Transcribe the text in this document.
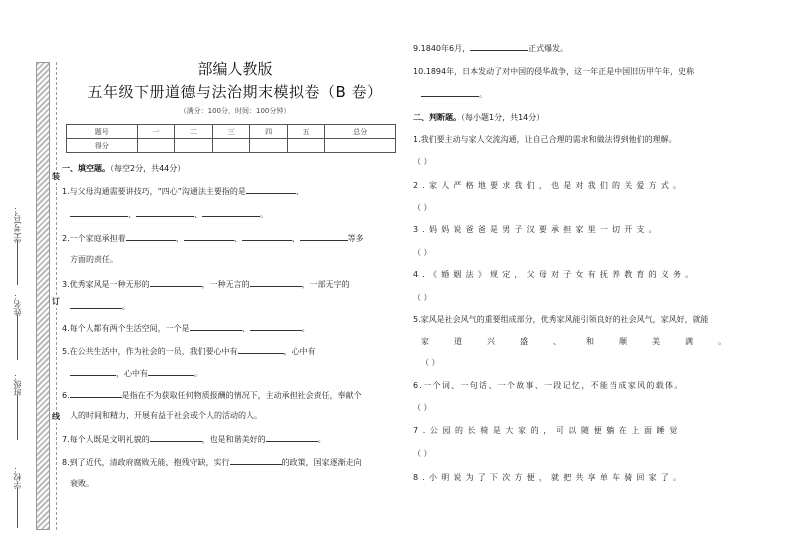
装
订
线
学(考)号：
姓名：
班级：
学校：
部编人教版
五年级下册道德与法治期末模拟卷（B 卷）
（满分：100分，时间：100分钟）
题号	一	二	三	四	五	总分
得分						
一、填空题。（每空2分，共44分）
1.与父母沟通需要讲技巧，“四心”沟通法主要指的是	、
、	、	。
2.一个家庭承担着	、	、	、	等多
方面的责任。
3.优秀家风是一种无形的	，一种无言的	，一部无字的
。
4.每个人都有两个生活空间，一个是	、	。
5.在公共生活中，作为社会的一员，我们要心中有	，心中有
，心中有	。
6.	是指在不为获取任何物质报酬的情况下，主动承担社会责任，奉献个
人的时间和精力，开展有益于社会或个人的活动的人。
7.每个人既是文明礼貌的	，也是和谐美好的	。
8.到了近代，清政府腐败无能，抱残守缺，实行	的政策，国家逐渐走向
衰败。
9.1840年6月，	正式爆发。
10.1894年，日本发动了对中国的侵华战争，这一年正是中国旧历甲午年，史称
。
二、判断题。（每小题1分，共14分）
1.我们要主动与家人交流沟通，让自己合理的需求和做法得到他们的理解。
（ ）
2.家人严格地要求我们，也是对我们的关爱方式。
（ ）
3.妈妈说爸爸是男子汉要承担家里一切开支。
（ ）
4.《婚姻法》规定，父母对子女有抚养教育的义务。
（ ）
5.家风是社会风气的重要组成部分，优秀家风能引领良好的社会风气，家风好，就能
家道兴盛、和顺美满。
（ ）
6.一个词、一句话、一个故事、一段记忆，不能当成家风的载体。
（ ）
7.公园的长椅是大家的，可以随便躺在上面睡觉
（ ）
8.小明说为了下次方便，就把共享单车骑回家了。
